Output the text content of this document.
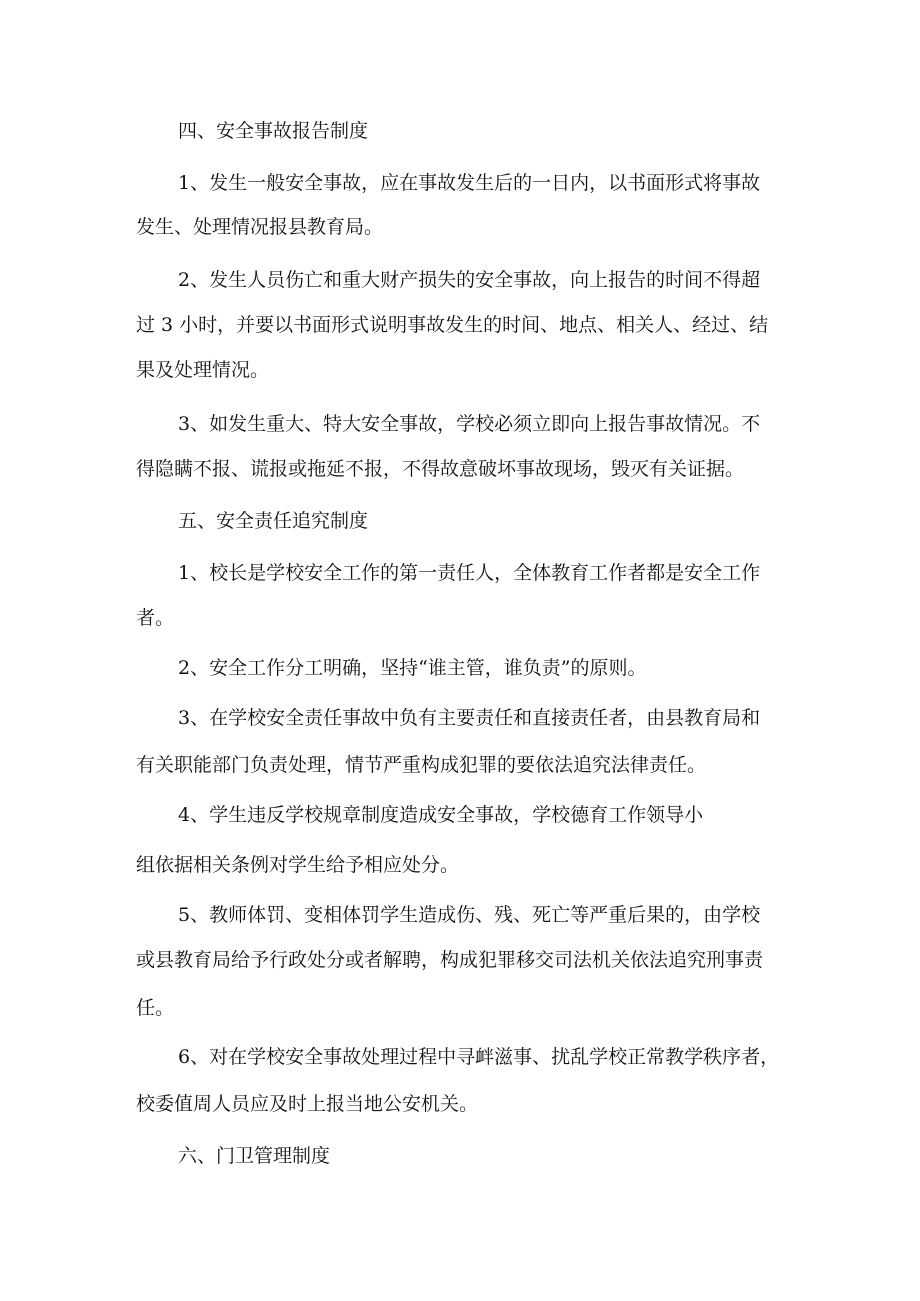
四、安全事故报告制度
1、发生一般安全事故，应在事故发生后的一日内，以书面形式将事故
发生、处理情况报县教育局。
2、发生人员伤亡和重大财产损失的安全事故，向上报告的时间不得超
过 3 小时，并要以书面形式说明事故发生的时间、地点、相关人、经过、结
果及处理情况。
3、如发生重大、特大安全事故，学校必须立即向上报告事故情况。不
得隐瞒不报、谎报或拖延不报，不得故意破坏事故现场，毁灭有关证据。
五、安全责任追究制度
1、校长是学校安全工作的第一责任人，全体教育工作者都是安全工作
者。
2、安全工作分工明确，坚持“谁主管，谁负责”的原则。
3、在学校安全责任事故中负有主要责任和直接责任者，由县教育局和
有关职能部门负责处理，情节严重构成犯罪的要依法追究法律责任。
4、学生违反学校规章制度造成安全事故，学校德育工作领导小
组依据相关条例对学生给予相应处分。
5、教师体罚、变相体罚学生造成伤、残、死亡等严重后果的，由学校
或县教育局给予行政处分或者解聘，构成犯罪移交司法机关依法追究刑事责
任。
6、对在学校安全事故处理过程中寻衅滋事、扰乱学校正常教学秩序者，
校委值周人员应及时上报当地公安机关。
六、门卫管理制度
